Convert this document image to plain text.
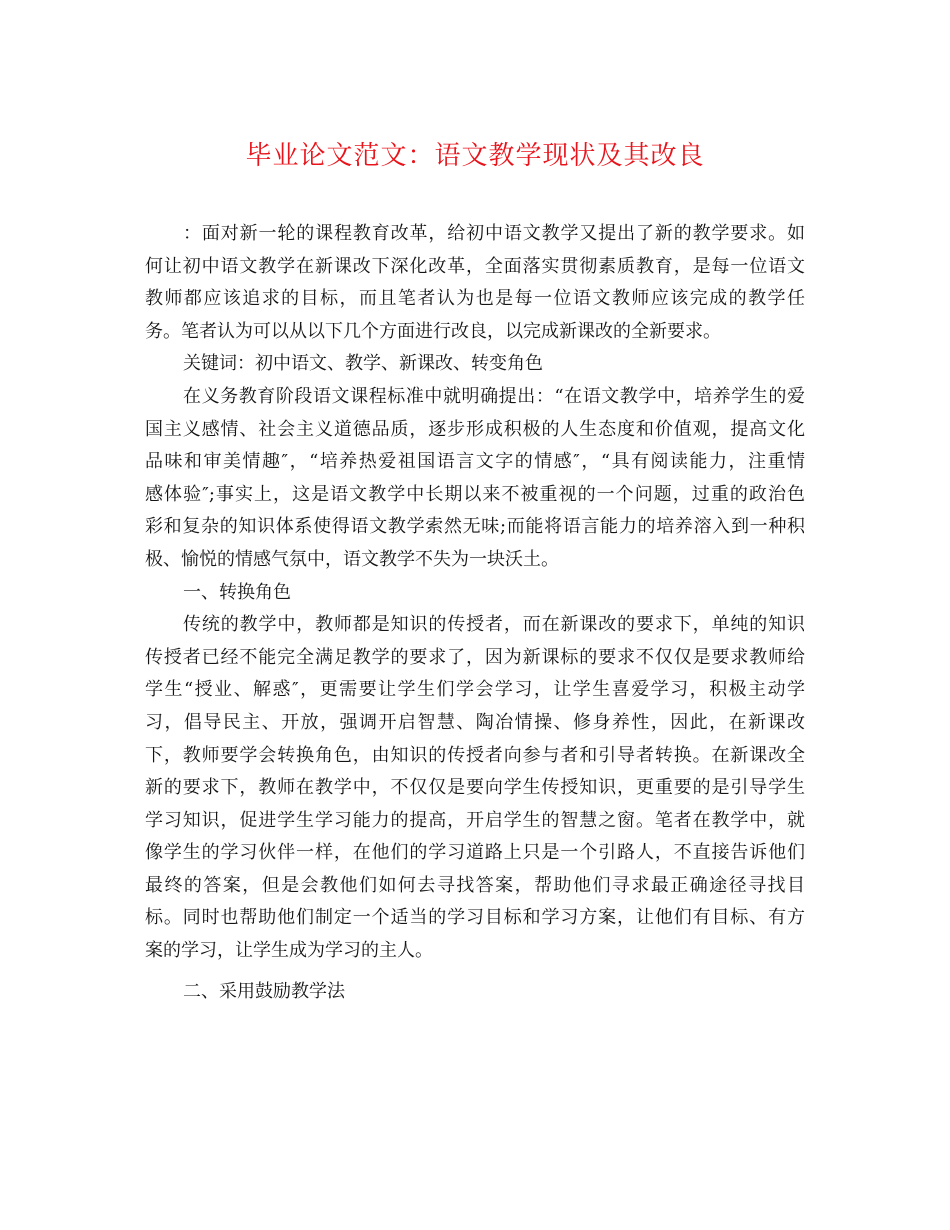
毕业论文范文：语文教学现状及其改良
：面对新一轮的课程教育改革，给初中语文教学又提出了新的教学要求。如
何让初中语文教学在新课改下深化改革，全面落实贯彻素质教育，是每一位语文
教师都应该追求的目标，而且笔者认为也是每一位语文教师应该完成的教学任
务。笔者认为可以从以下几个方面进行改良，以完成新课改的全新要求。
关键词：初中语文、教学、新课改、转变角色
在义务教育阶段语文课程标准中就明确提出：“在语文教学中，培养学生的爱
国主义感情、社会主义道德品质，逐步形成积极的人生态度和价值观，提高文化
品味和审美情趣″，“培养热爱祖国语言文字的情感″，“具有阅读能力，注重情
感体验″;事实上，这是语文教学中长期以来不被重视的一个问题，过重的政治色
彩和复杂的知识体系使得语文教学索然无味;而能将语言能力的培养溶入到一种积
极、愉悦的情感气氛中，语文教学不失为一块沃土。
一、转换角色
传统的教学中，教师都是知识的传授者，而在新课改的要求下，单纯的知识
传授者已经不能完全满足教学的要求了，因为新课标的要求不仅仅是要求教师给
学生“授业、解惑″，更需要让学生们学会学习，让学生喜爱学习，积极主动学
习，倡导民主、开放，强调开启智慧、陶冶情操、修身养性，因此，在新课改
下，教师要学会转换角色，由知识的传授者向参与者和引导者转换。在新课改全
新的要求下，教师在教学中，不仅仅是要向学生传授知识，更重要的是引导学生
学习知识，促进学生学习能力的提高，开启学生的智慧之窗。笔者在教学中，就
像学生的学习伙伴一样，在他们的学习道路上只是一个引路人，不直接告诉他们
最终的答案，但是会教他们如何去寻找答案，帮助他们寻求最正确途径寻找目
标。同时也帮助他们制定一个适当的学习目标和学习方案，让他们有目标、有方
案的学习，让学生成为学习的主人。
二、采用鼓励教学法
